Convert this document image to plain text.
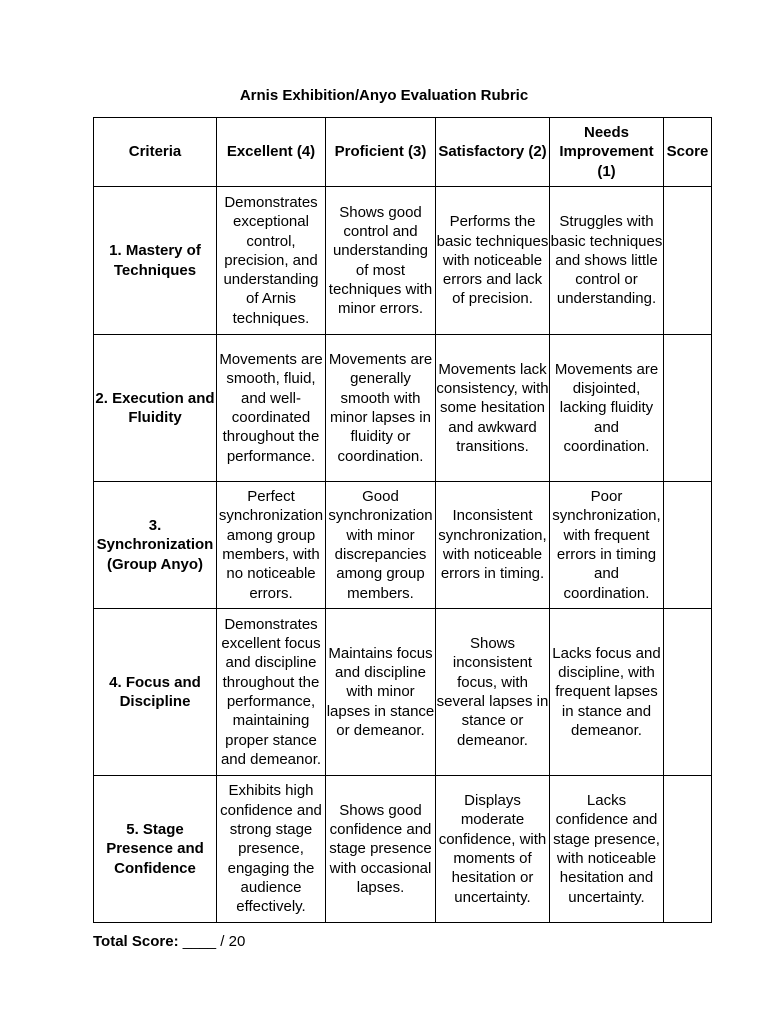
Arnis Exhibition/Anyo Evaluation Rubric
Criteria	Excellent (4)	Proficient (3)	Satisfactory (2)	Needs Improvement (1)	Score
1. Mastery of Techniques	Demonstrates exceptional control, precision, and understanding of Arnis techniques.	Shows good control and understanding of most techniques with minor errors.	Performs the basic techniques with noticeable errors and lack of precision.	Struggles with basic techniques and shows little control or understanding.	
2. Execution and Fluidity	Movements are smooth, fluid, and well-coordinated throughout the performance.	Movements are generally smooth with minor lapses in fluidity or coordination.	Movements lack consistency, with some hesitation and awkward transitions.	Movements are disjointed, lacking fluidity and coordination.	
3. Synchronization (Group Anyo)	Perfect synchronization among group members, with no noticeable errors.	Good synchronization with minor discrepancies among group members.	Inconsistent synchronization, with noticeable errors in timing.	Poor synchronization, with frequent errors in timing and coordination.	
4. Focus and Discipline	Demonstrates excellent focus and discipline throughout the performance, maintaining proper stance and demeanor.	Maintains focus and discipline with minor lapses in stance or demeanor.	Shows inconsistent focus, with several lapses in stance or demeanor.	Lacks focus and discipline, with frequent lapses in stance and demeanor.	
5. Stage Presence and Confidence	Exhibits high confidence and strong stage presence, engaging the audience effectively.	Shows good confidence and stage presence with occasional lapses.	Displays moderate confidence, with moments of hesitation or uncertainty.	Lacks confidence and stage presence, with noticeable hesitation and uncertainty.	
Total Score: ____ / 20
